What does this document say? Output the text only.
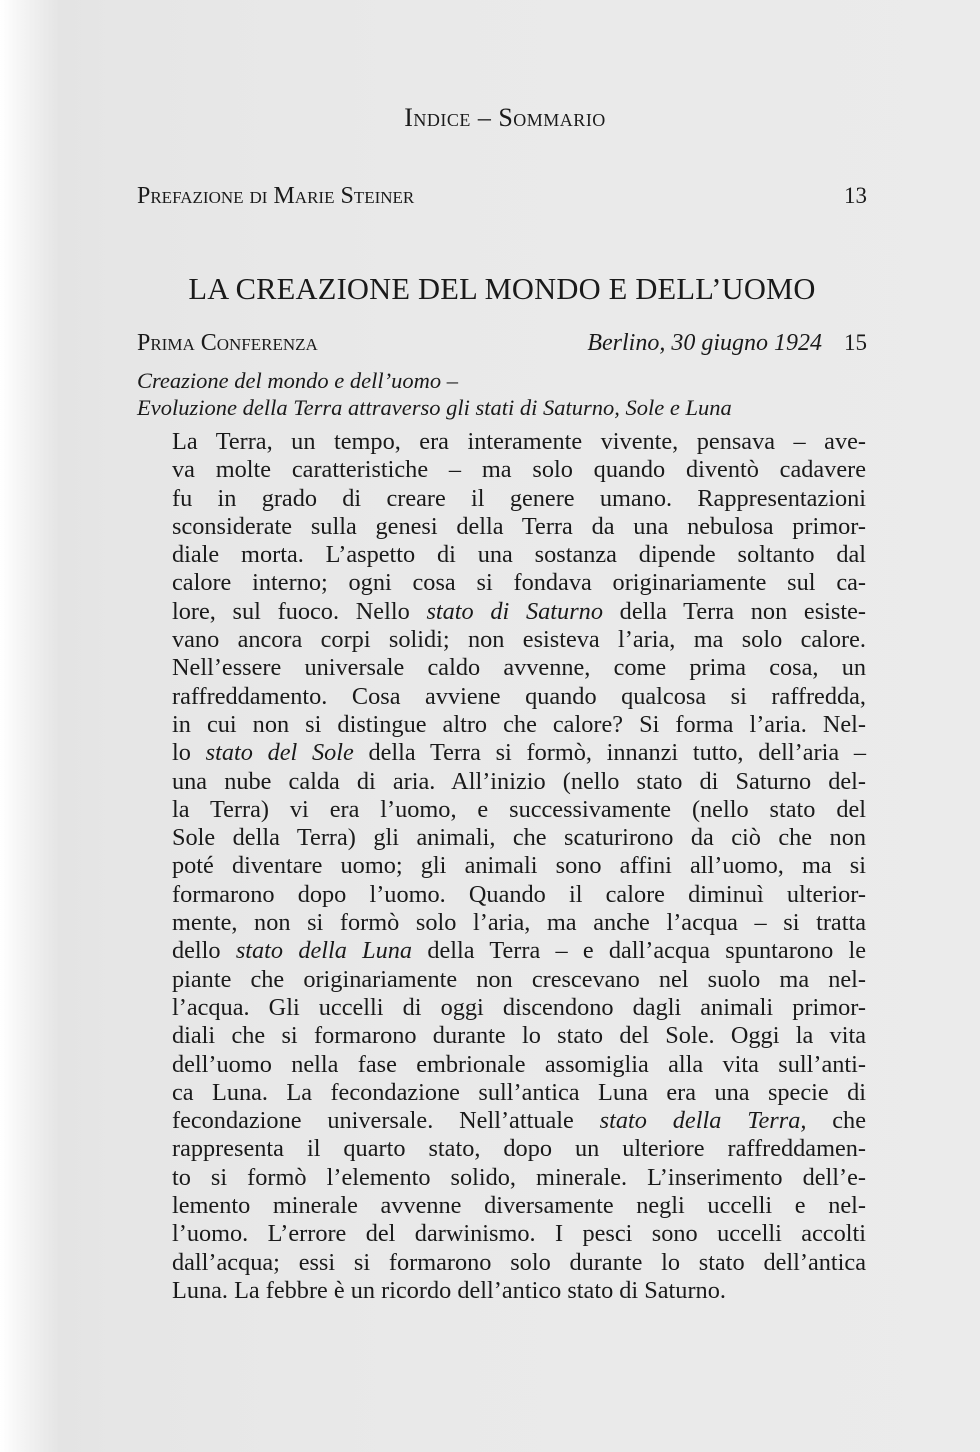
Indice – Sommario
Prefazione di Marie Steiner	13
LA CREAZIONE DEL MONDO E DELL’UOMO
Prima Conferenza	Berlino, 30 giugno 1924 15
Creazione del mondo e dell’uomo –
Evoluzione della Terra attraverso gli stati di Saturno, Sole e Luna
La Terra, un tempo, era interamente vivente, pensava – ave-
va molte caratteristiche – ma solo quando diventò cadavere
fu in grado di creare il genere umano. Rappresentazioni
sconsiderate sulla genesi della Terra da una nebulosa primor-
diale morta. L’aspetto di una sostanza dipende soltanto dal
calore interno; ogni cosa si fondava originariamente sul ca-
lore, sul fuoco. Nello stato di Saturno della Terra non esiste-
vano ancora corpi solidi; non esisteva l’aria, ma solo calore.
Nell’essere universale caldo avvenne, come prima cosa, un
raffreddamento. Cosa avviene quando qualcosa si raffredda,
in cui non si distingue altro che calore? Si forma l’aria. Nel-
lo stato del Sole della Terra si formò, innanzi tutto, dell’aria –
una nube calda di aria. All’inizio (nello stato di Saturno del-
la Terra) vi era l’uomo, e successivamente (nello stato del
Sole della Terra) gli animali, che scaturirono da ciò che non
poté diventare uomo; gli animali sono affini all’uomo, ma si
formarono dopo l’uomo. Quando il calore diminuì ulterior-
mente, non si formò solo l’aria, ma anche l’acqua – si tratta
dello stato della Luna della Terra – e dall’acqua spuntarono le
piante che originariamente non crescevano nel suolo ma nel-
l’acqua. Gli uccelli di oggi discendono dagli animali primor-
diali che si formarono durante lo stato del Sole. Oggi la vita
dell’uomo nella fase embrionale assomiglia alla vita sull’anti-
ca Luna. La fecondazione sull’antica Luna era una specie di
fecondazione universale. Nell’attuale stato della Terra, che
rappresenta il quarto stato, dopo un ulteriore raffreddamen-
to si formò l’elemento solido, minerale. L’inserimento dell’e-
lemento minerale avvenne diversamente negli uccelli e nel-
l’uomo. L’errore del darwinismo. I pesci sono uccelli accolti
dall’acqua; essi si formarono solo durante lo stato dell’antica
Luna. La febbre è un ricordo dell’antico stato di Saturno.
